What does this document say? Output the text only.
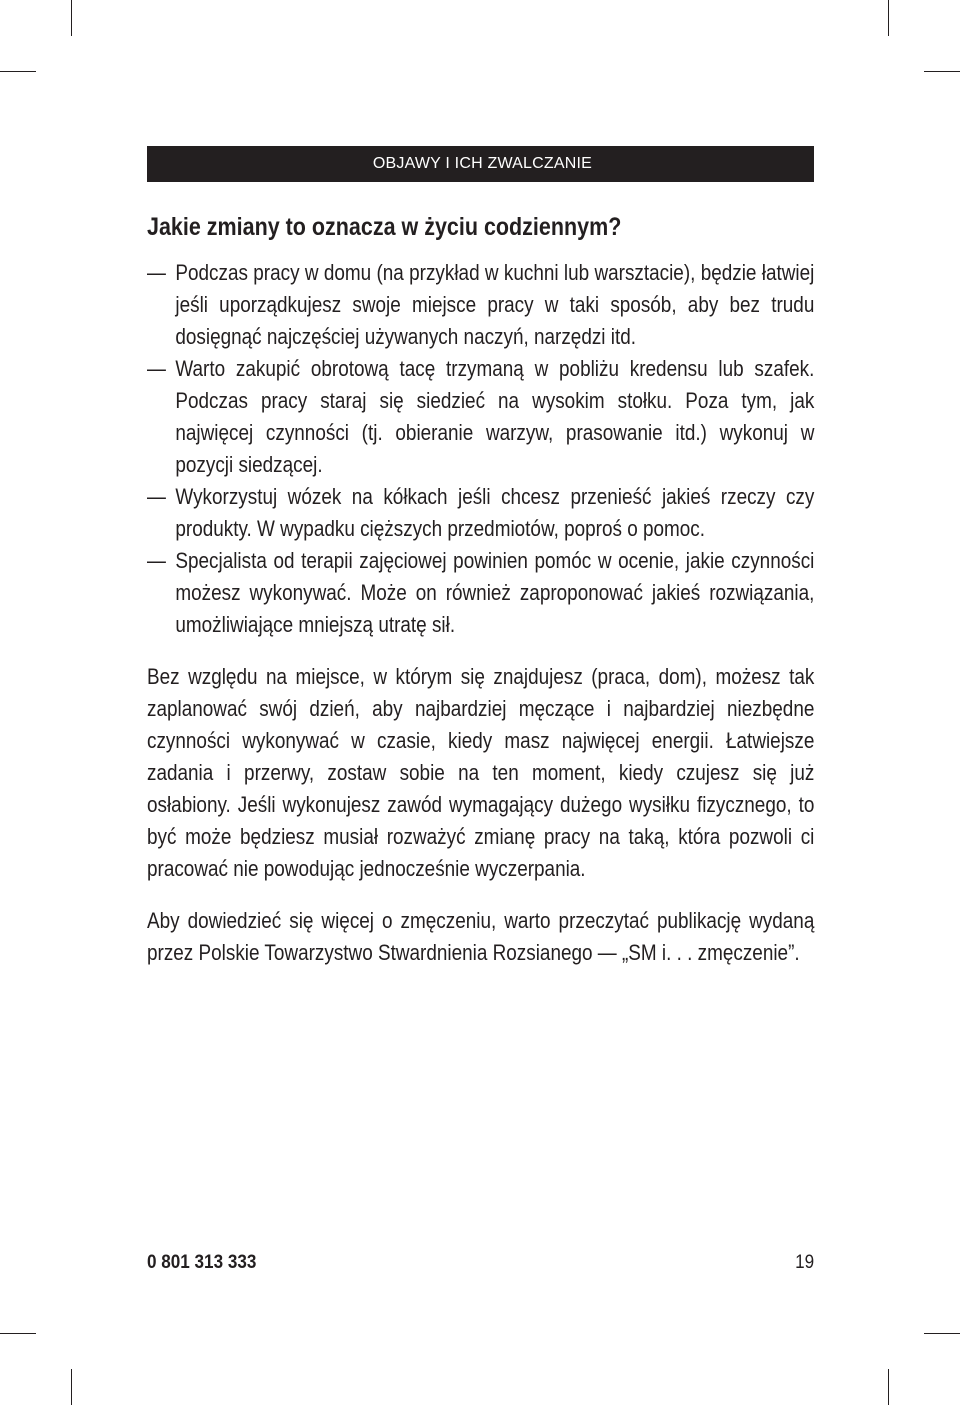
OBJAWY I ICH ZWALCZANIE
Jakie zmiany to oznacza w życiu codziennym?
— Podczas pracy w domu (na przykład w kuchni lub warsztacie), będzie łatwiej jeśli uporządkujesz swoje miejsce pracy w taki sposób, aby bez trudu dosięgnąć najczęściej używanych naczyń, narzędzi itd.
— Warto zakupić obrotową tacę trzymaną w pobliżu kredensu lub szafek. Podczas pracy staraj się siedzieć na wysokim stołku. Poza tym, jak najwięcej czynności (tj. obieranie warzyw, prasowanie itd.) wykonuj w pozycji siedzącej.
— Wykorzystuj wózek na kółkach jeśli chcesz przenieść jakieś rzeczy czy produkty. W wypadku cięższych przedmiotów, poproś o pomoc.
— Specjalista od terapii zajęciowej powinien pomóc w ocenie, jakie czynności możesz wykonywać. Może on również zaproponować jakieś rozwiązania, umożliwiające mniejszą utratę sił.

Bez względu na miejsce, w którym się znajdujesz (praca, dom), możesz tak zaplanować swój dzień, aby najbardziej męczące i najbardziej niezbędne czynności wykonywać w czasie, kiedy masz najwięcej energii. Łatwiejsze zadania i przerwy, zostaw sobie na ten moment, kiedy czujesz się już osłabiony. Jeśli wykonujesz zawód wymagający dużego wysiłku fizycznego, to być może będziesz musiał rozważyć zmianę pracy na taką, która pozwoli ci pracować nie powodując jednocześnie wyczerpania.

Aby dowiedzieć się więcej o zmęczeniu, warto przeczytać publikację wydaną przez Polskie Towarzystwo Stwardnienia Rozsianego — „SM i. . . zmęczenie”.

0 801 313 333	19
